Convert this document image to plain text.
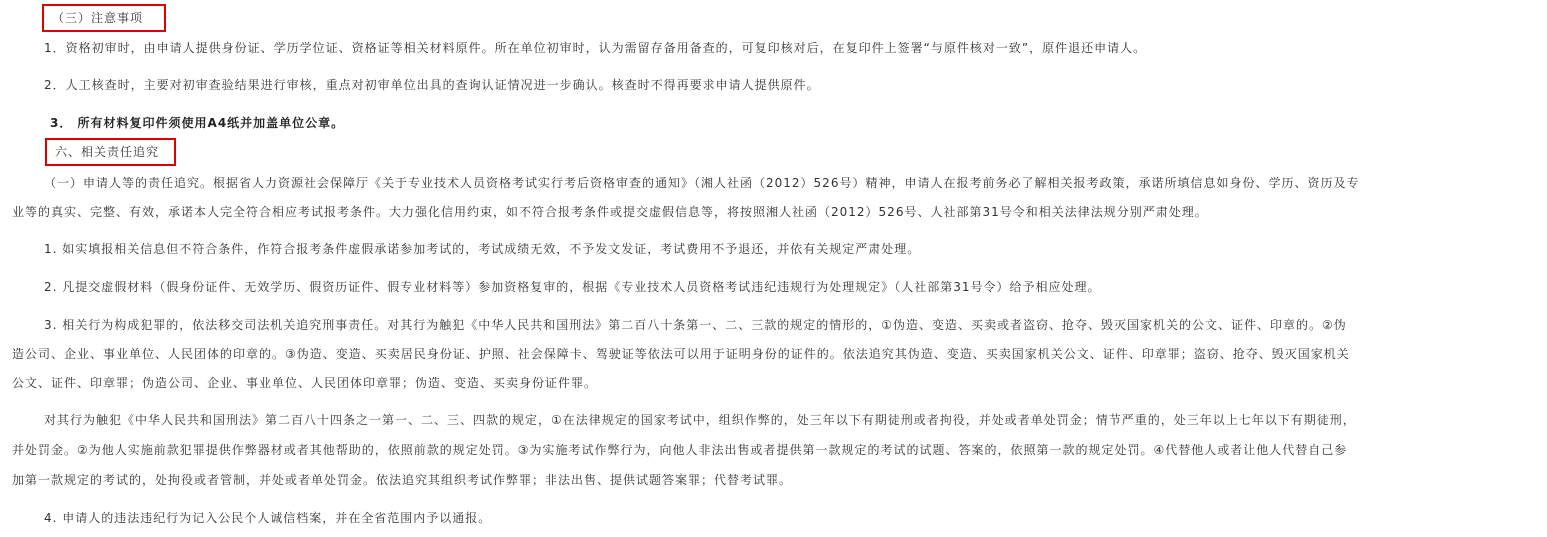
（三）注意事项
1．资格初审时，由申请人提供身份证、学历学位证、资格证等相关材料原件。所在单位初审时，认为需留存备用备查的，可复印核对后，在复印件上签署“与原件核对一致”，原件退还申请人。
2．人工核查时，主要对初审查验结果进行审核，重点对初审单位出具的查询认证情况进一步确认。核查时不得再要求申请人提供原件。
3． 所有材料复印件须使用A4纸并加盖单位公章。
六、相关责任追究
（一）申请人等的责任追究。根据省人力资源社会保障厅《关于专业技术人员资格考试实行考后资格审查的通知》（湘人社函（2012）526号）精神，申请人在报考前务必了解相关报考政策，承诺所填信息如身份、学历、资历及专
业等的真实、完整、有效，承诺本人完全符合相应考试报考条件。大力强化信用约束，如不符合报考条件或提交虚假信息等，将按照湘人社函（2012）526号、人社部第31号令和相关法律法规分别严肃处理。
1. 如实填报相关信息但不符合条件，作符合报考条件虚假承诺参加考试的，考试成绩无效，不予发文发证，考试费用不予退还，并依有关规定严肃处理。
2. 凡提交虚假材料（假身份证件、无效学历、假资历证件、假专业材料等）参加资格复审的，根据《专业技术人员资格考试违纪违规行为处理规定》（人社部第31号令）给予相应处理。
3. 相关行为构成犯罪的，依法移交司法机关追究刑事责任。对其行为触犯《中华人民共和国刑法》第二百八十条第一、二、三款的规定的情形的，①伪造、变造、买卖或者盗窃、抢夺、毁灭国家机关的公文、证件、印章的。②伪
造公司、企业、事业单位、人民团体的印章的。③伪造、变造、买卖居民身份证、护照、社会保障卡、驾驶证等依法可以用于证明身份的证件的。依法追究其伪造、变造、买卖国家机关公文、证件、印章罪；盗窃、抢夺、毁灭国家机关
公文、证件、印章罪；伪造公司、企业、事业单位、人民团体印章罪；伪造、变造、买卖身份证件罪。
对其行为触犯《中华人民共和国刑法》第二百八十四条之一第一、二、三、四款的规定，①在法律规定的国家考试中，组织作弊的，处三年以下有期徒刑或者拘役，并处或者单处罚金；情节严重的，处三年以上七年以下有期徒刑，
并处罚金。②为他人实施前款犯罪提供作弊器材或者其他帮助的，依照前款的规定处罚。③为实施考试作弊行为，向他人非法出售或者提供第一款规定的考试的试题、答案的，依照第一款的规定处罚。④代替他人或者让他人代替自己参
加第一款规定的考试的，处拘役或者管制，并处或者单处罚金。依法追究其组织考试作弊罪；非法出售、提供试题答案罪；代替考试罪。
4. 申请人的违法违纪行为记入公民个人诚信档案，并在全省范围内予以通报。
